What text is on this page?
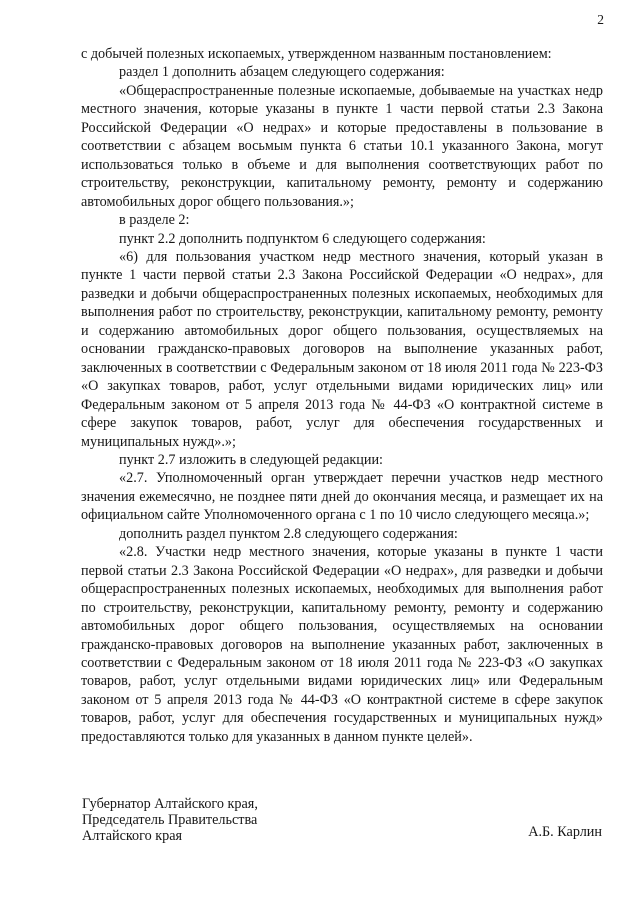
2

с добычей полезных ископаемых, утвержденном названным постановлением:

раздел 1 дополнить абзацем следующего содержания:

«Общераспространенные полезные ископаемые, добываемые на участках недр местного значения, которые указаны в пункте 1 части первой статьи 2.3 Закона Российской Федерации «О недрах» и которые предоставлены в пользование в соответствии с абзацем восьмым пункта 6 статьи 10.1 указанного Закона, могут использоваться только в объеме и для выполнения соответствующих работ по строительству, реконструкции, капитальному ремонту, ремонту и содержанию автомобильных дорог общего пользования.»;

в разделе 2:

пункт 2.2 дополнить подпунктом 6 следующего содержания:

«6) для пользования участком недр местного значения, который указан в пункте 1 части первой статьи 2.3 Закона Российской Федерации «О недрах», для разведки и добычи общераспространенных полезных ископаемых, необходимых для выполнения работ по строительству, реконструкции, капитальному ремонту, ремонту и содержанию автомобильных дорог общего пользования, осуществляемых на основании гражданско-правовых договоров на выполнение указанных работ, заключенных в соответствии с Федеральным законом от 18 июля 2011 года № 223-ФЗ «О закупках товаров, работ, услуг отдельными видами юридических лиц» или Федеральным законом от 5 апреля 2013 года № 44-ФЗ «О контрактной системе в сфере закупок товаров, работ, услуг для обеспечения государственных и муниципальных нужд».»;

пункт 2.7 изложить в следующей редакции:

«2.7. Уполномоченный орган утверждает перечни участков недр местного значения ежемесячно, не позднее пяти дней до окончания месяца, и размещает их на официальном сайте Уполномоченного органа с 1 по 10 число следующего месяца.»;

дополнить раздел пунктом 2.8 следующего содержания:

«2.8. Участки недр местного значения, которые указаны в пункте 1 части первой статьи 2.3 Закона Российской Федерации «О недрах», для разведки и добычи общераспространенных полезных ископаемых, необходимых для выполнения работ по строительству, реконструкции, капитальному ремонту, ремонту и содержанию автомобильных дорог общего пользования, осуществляемых на основании гражданско-правовых договоров на выполнение указанных работ, заключенных в соответствии с Федеральным законом от 18 июля 2011 года № 223-ФЗ «О закупках товаров, работ, услуг отдельными видами юридических лиц» или Федеральным законом от 5 апреля 2013 года № 44-ФЗ «О контрактной системе в сфере закупок товаров, работ, услуг для обеспечения государственных и муниципальных нужд» предоставляются только для указанных в данном пункте целей».

Губернатор Алтайского края,
Председатель Правительства
Алтайского края	А.Б. Карлин
